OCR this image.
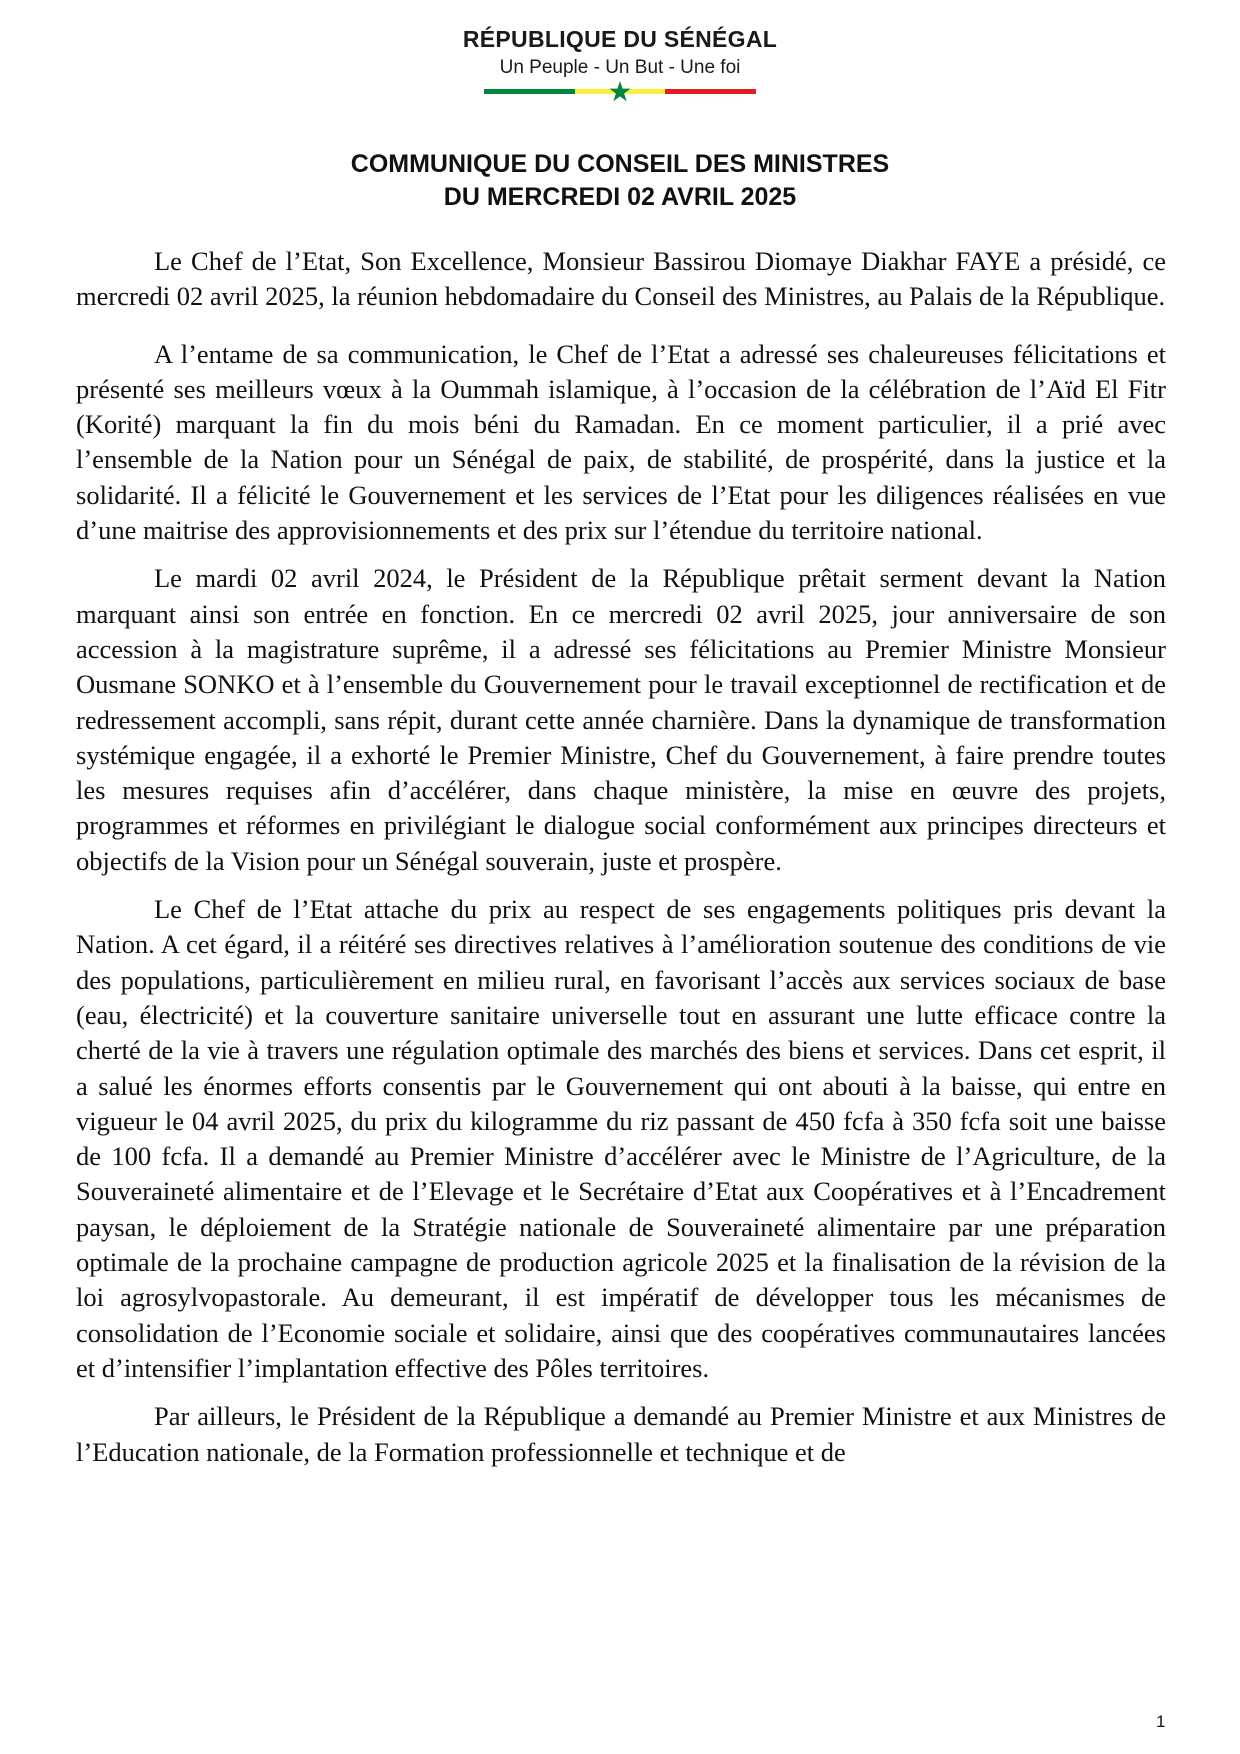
RÉPUBLIQUE DU SÉNÉGAL
Un Peuple - Un But - Une foi
COMMUNIQUE DU CONSEIL DES MINISTRES
DU MERCREDI 02 AVRIL 2025

Le Chef de l’Etat, Son Excellence, Monsieur Bassirou Diomaye Diakhar FAYE a présidé, ce mercredi 02 avril 2025, la réunion hebdomadaire du Conseil des Ministres, au Palais de la République.

A l’entame de sa communication, le Chef de l’Etat a adressé ses chaleureuses félicitations et présenté ses meilleurs vœux à la Oummah islamique, à l’occasion de la célébration de l’Aïd El Fitr (Korité) marquant la fin du mois béni du Ramadan. En ce moment particulier, il a prié avec l’ensemble de la Nation pour un Sénégal de paix, de stabilité, de prospérité, dans la justice et la solidarité. Il a félicité le Gouvernement et les services de l’Etat pour les diligences réalisées en vue d’une maitrise des approvisionnements et des prix sur l’étendue du territoire national.

Le mardi 02 avril 2024, le Président de la République prêtait serment devant la Nation marquant ainsi son entrée en fonction. En ce mercredi 02 avril 2025, jour anniversaire de son accession à la magistrature suprême, il a adressé ses félicitations au Premier Ministre Monsieur Ousmane SONKO et à l’ensemble du Gouvernement pour le travail exceptionnel de rectification et de redressement accompli, sans répit, durant cette année charnière. Dans la dynamique de transformation systémique engagée, il a exhorté le Premier Ministre, Chef du Gouvernement, à faire prendre toutes les mesures requises afin d’accélérer, dans chaque ministère, la mise en œuvre des projets, programmes et réformes en privilégiant le dialogue social conformément aux principes directeurs et objectifs de la Vision pour un Sénégal souverain, juste et prospère.

Le Chef de l’Etat attache du prix au respect de ses engagements politiques pris devant la Nation. A cet égard, il a réitéré ses directives relatives à l’amélioration soutenue des conditions de vie des populations, particulièrement en milieu rural, en favorisant l’accès aux services sociaux de base (eau, électricité) et la couverture sanitaire universelle tout en assurant une lutte efficace contre la cherté de la vie à travers une régulation optimale des marchés des biens et services. Dans cet esprit, il a salué les énormes efforts consentis par le Gouvernement qui ont abouti à la baisse, qui entre en vigueur le 04 avril 2025, du prix du kilogramme du riz passant de 450 fcfa à 350 fcfa soit une baisse de 100 fcfa. Il a demandé au Premier Ministre d’accélérer avec le Ministre de l’Agriculture, de la Souveraineté alimentaire et de l’Elevage et le Secrétaire d’Etat aux Coopératives et à l’Encadrement paysan, le déploiement de la Stratégie nationale de Souveraineté alimentaire par une préparation optimale de la prochaine campagne de production agricole 2025 et la finalisation de la révision de la loi agrosylvopastorale. Au demeurant, il est impératif de développer tous les mécanismes de consolidation de l’Economie sociale et solidaire, ainsi que des coopératives communautaires lancées et d’intensifier l’implantation effective des Pôles territoires.

Par ailleurs, le Président de la République a demandé au Premier Ministre et aux Ministres de l’Education nationale, de la Formation professionnelle et technique et de

1
